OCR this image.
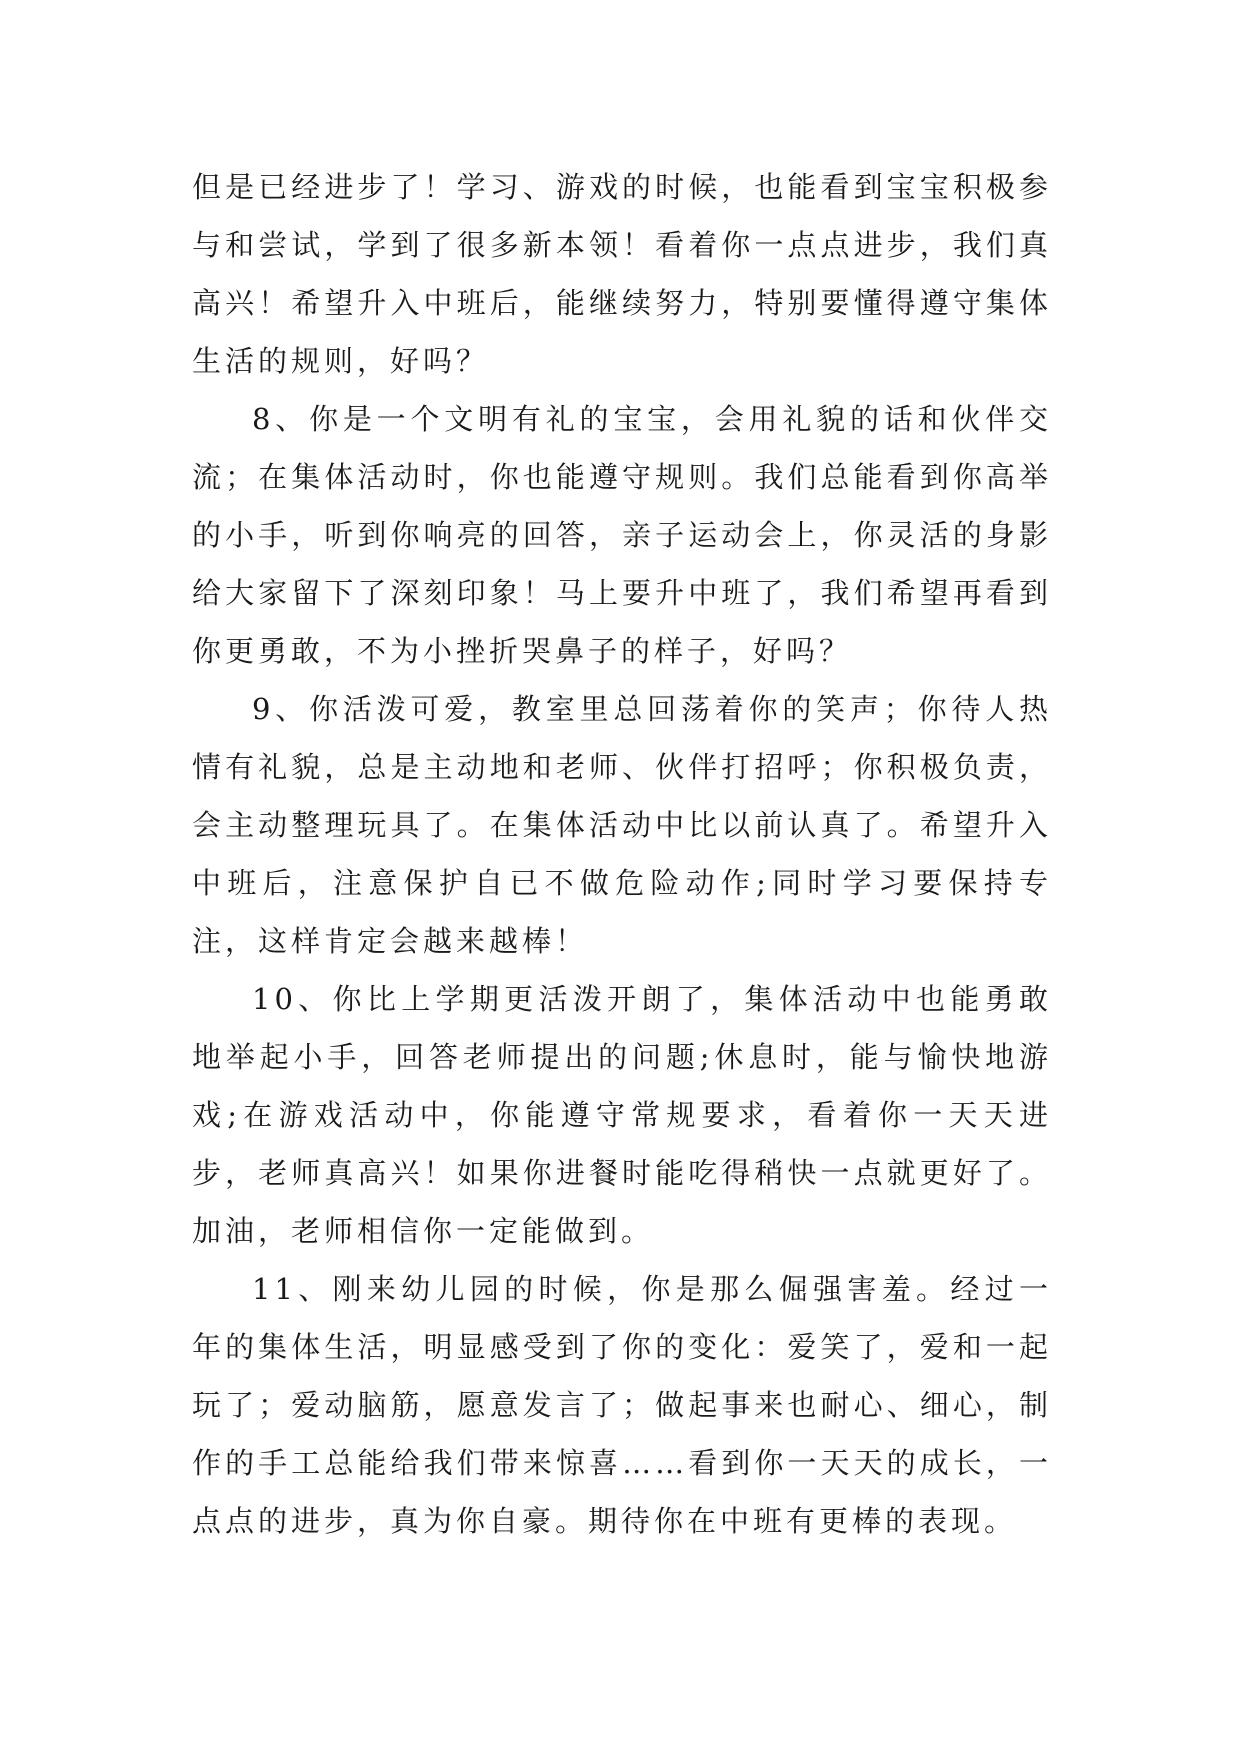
但是已经进步了！学习、游戏的时候，也能看到宝宝积极参与和尝试，学到了很多新本领！看着你一点点进步，我们真高兴！希望升入中班后，能继续努力，特别要懂得遵守集体生活的规则，好吗？

8、你是一个文明有礼的宝宝，会用礼貌的话和伙伴交流；在集体活动时，你也能遵守规则。我们总能看到你高举的小手，听到你响亮的回答，亲子运动会上，你灵活的身影给大家留下了深刻印象！马上要升中班了，我们希望再看到你更勇敢，不为小挫折哭鼻子的样子，好吗？

9、你活泼可爱，教室里总回荡着你的笑声；你待人热情有礼貌，总是主动地和老师、伙伴打招呼；你积极负责，会主动整理玩具了。在集体活动中比以前认真了。希望升入中班后，注意保护自已不做危险动作;同时学习要保持专注，这样肯定会越来越棒！

10、你比上学期更活泼开朗了，集体活动中也能勇敢地举起小手，回答老师提出的问题;休息时，能与愉快地游戏;在游戏活动中，你能遵守常规要求，看着你一天天进步，老师真高兴！如果你进餐时能吃得稍快一点就更好了。加油，老师相信你一定能做到。

11、刚来幼儿园的时候，你是那么倔强害羞。经过一年的集体生活，明显感受到了你的变化：爱笑了，爱和一起玩了；爱动脑筋，愿意发言了；做起事来也耐心、细心，制作的手工总能给我们带来惊喜……看到你一天天的成长，一点点的进步，真为你自豪。期待你在中班有更棒的表现。
